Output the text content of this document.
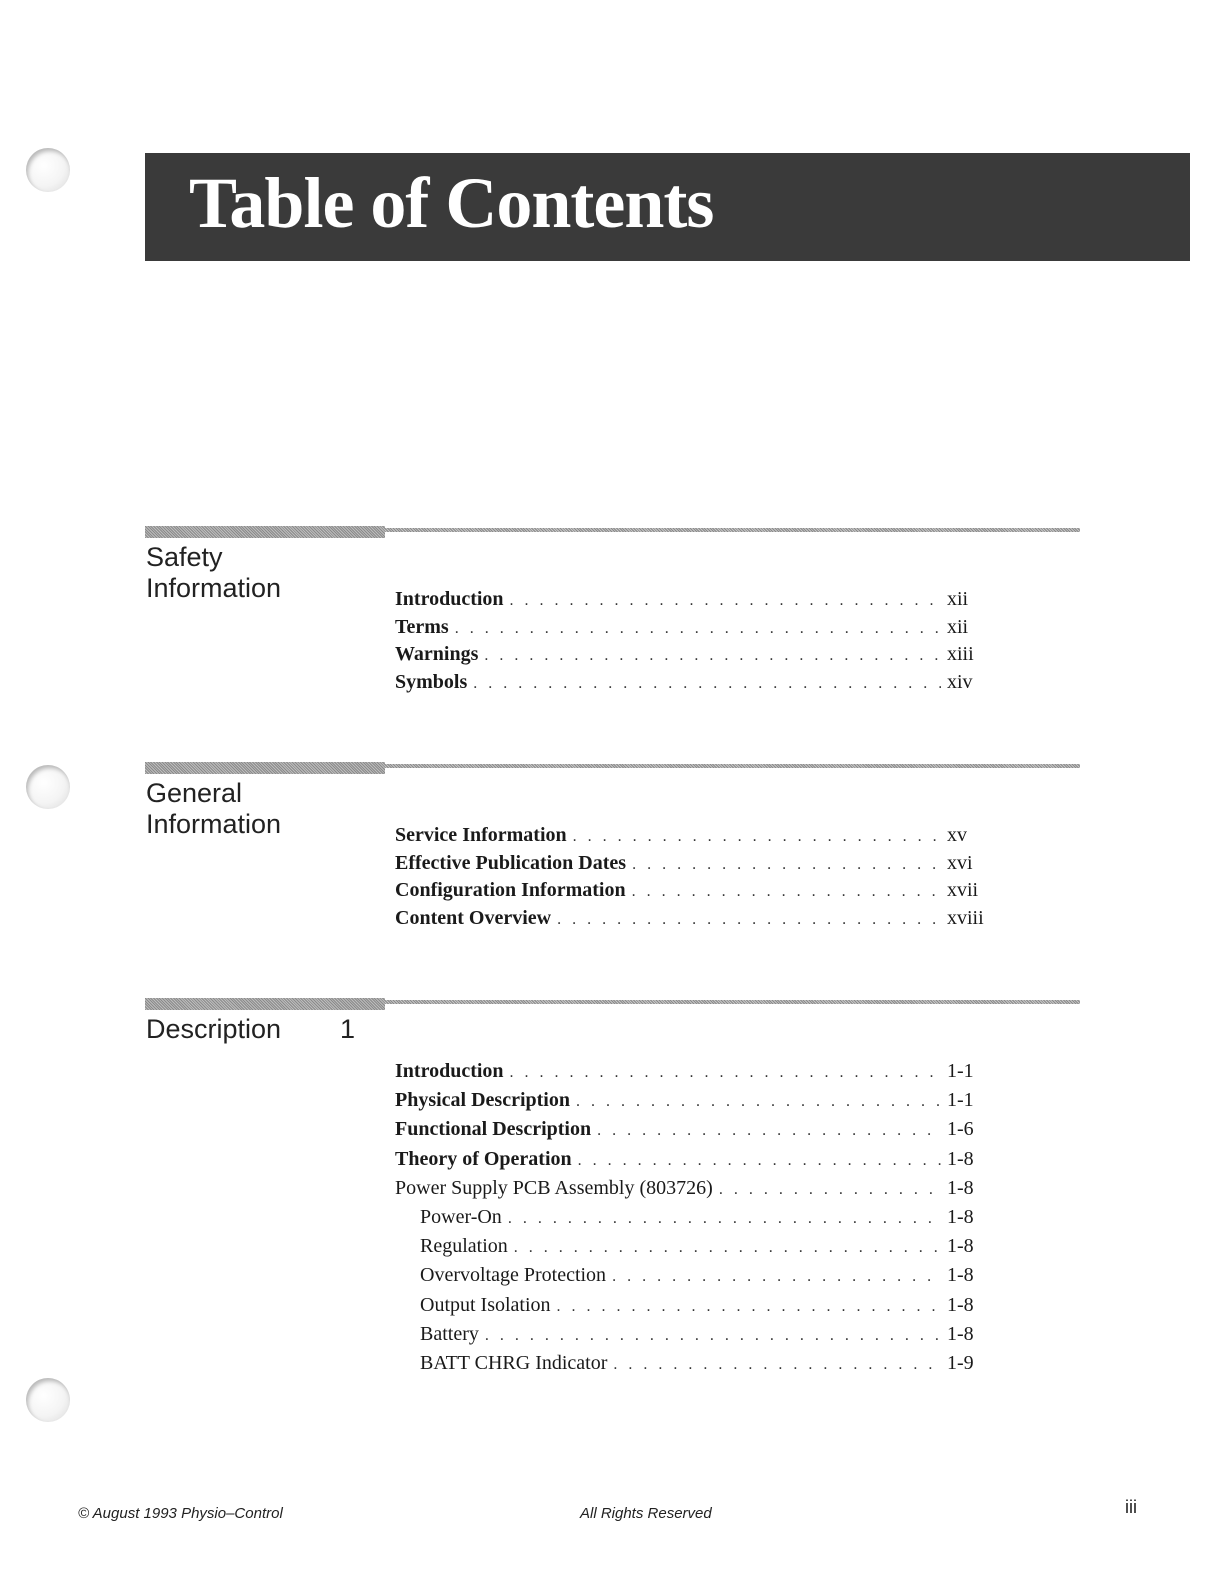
Table of Contents
Safety Information	Introduction . . .	xii
Terms . . .	xii
Warnings . . .	xiii
Symbols . . .	xiv
General Information	Service Information . . .	xv
Effective Publication Dates . . .	xvi
Configuration Information . . .	xvii
Content Overview . . .	xviii
Description	1
Introduction . . .	1-1
Physical Description . . .	1-1
Functional Description . . .	1-6
Theory of Operation . . .	1-8
Power Supply PCB Assembly (803726) . . .	1-8
Power-On . . .	1-8
Regulation . . .	1-8
Overvoltage Protection . . .	1-8
Output Isolation . . .	1-8
Battery . . .	1-8
BATT CHRG Indicator . . .	1-9
© August 1993 Physio–Control	All Rights Reserved	iii
